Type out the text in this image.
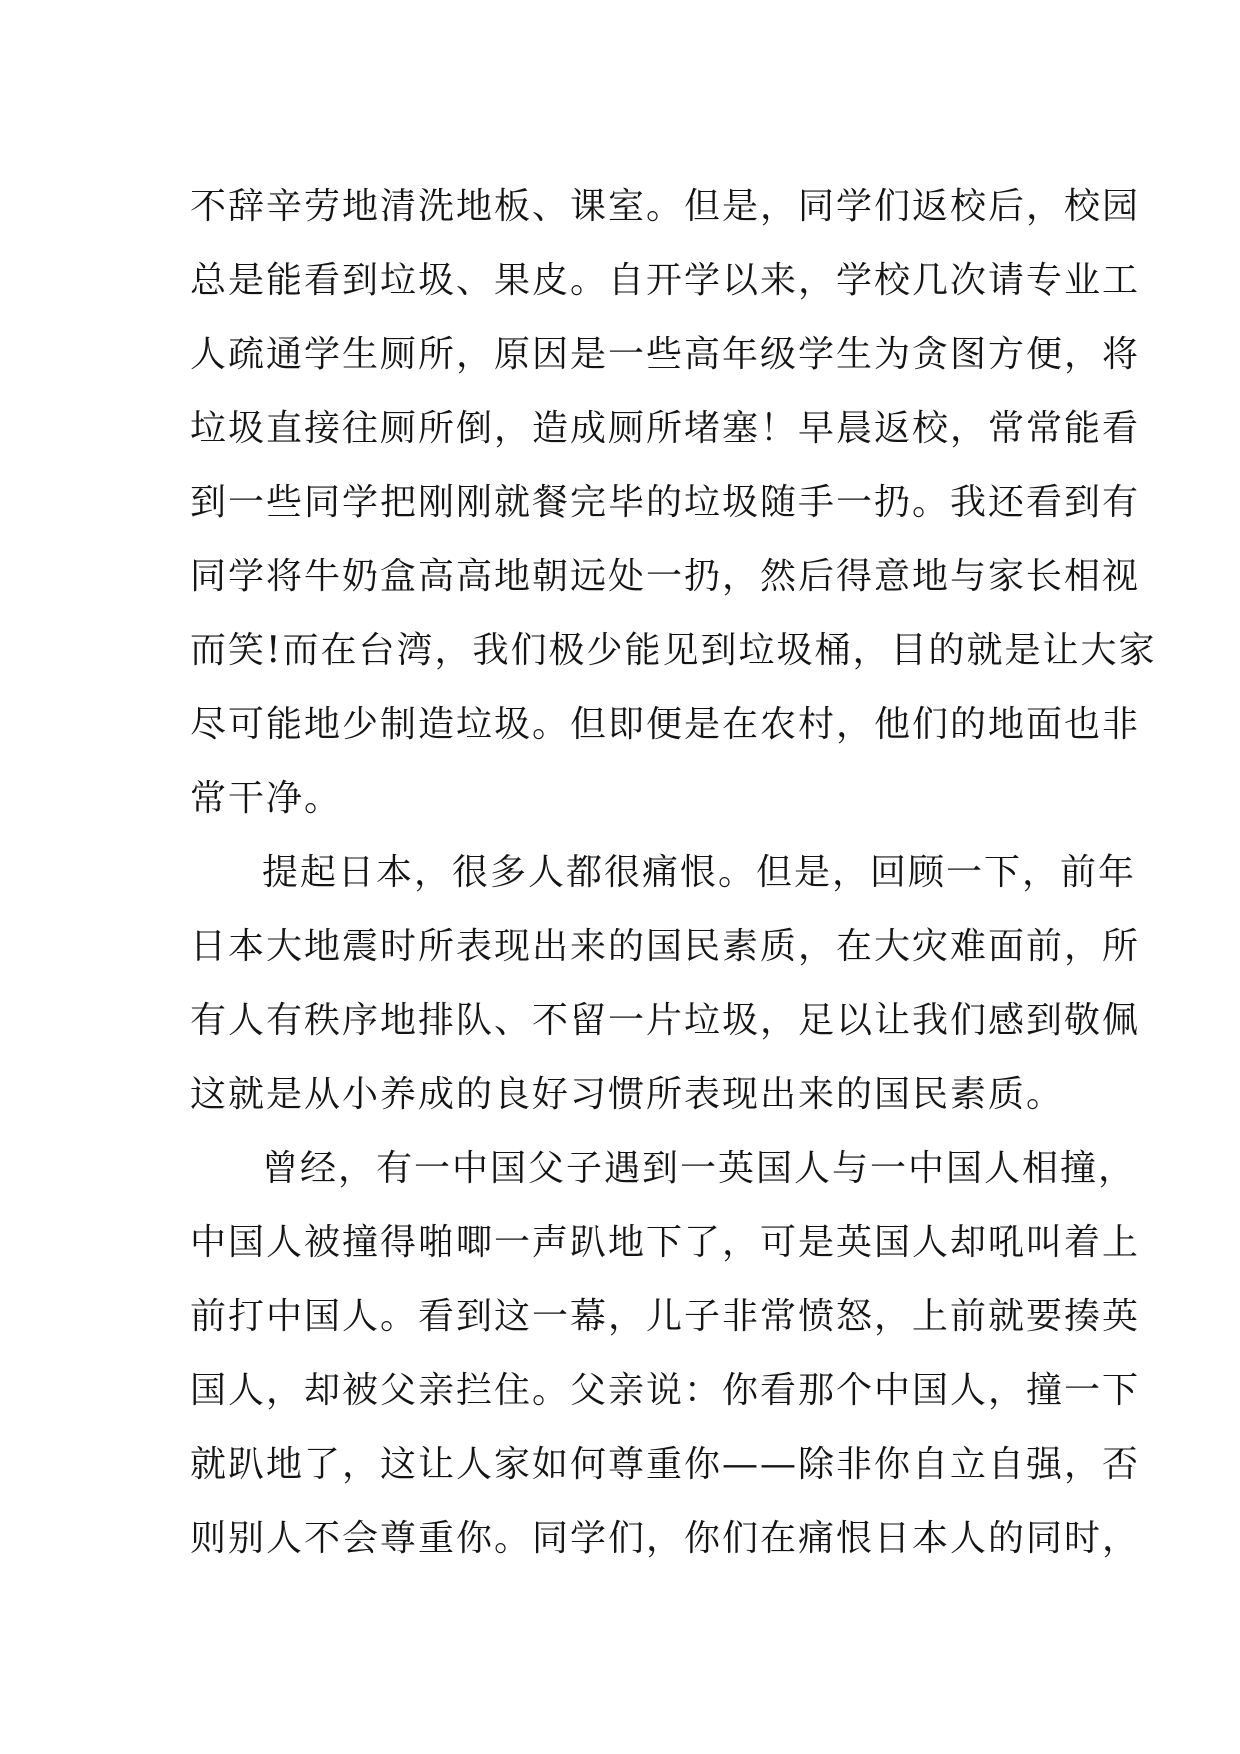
不辞辛劳地清洗地板、课室。但是，同学们返校后，校园
总是能看到垃圾、果皮。自开学以来，学校几次请专业工
人疏通学生厕所，原因是一些高年级学生为贪图方便，将
垃圾直接往厕所倒，造成厕所堵塞！早晨返校，常常能看
到一些同学把刚刚就餐完毕的垃圾随手一扔。我还看到有
同学将牛奶盒高高地朝远处一扔，然后得意地与家长相视
而笑!而在台湾，我们极少能见到垃圾桶，目的就是让大家
尽可能地少制造垃圾。但即便是在农村，他们的地面也非
常干净。
提起日本，很多人都很痛恨。但是，回顾一下，前年
日本大地震时所表现出来的国民素质，在大灾难面前，所
有人有秩序地排队、不留一片垃圾，足以让我们感到敬佩
这就是从小养成的良好习惯所表现出来的国民素质。
曾经，有一中国父子遇到一英国人与一中国人相撞，
中国人被撞得啪唧一声趴地下了，可是英国人却吼叫着上
前打中国人。看到这一幕，儿子非常愤怒，上前就要揍英
国人，却被父亲拦住。父亲说：你看那个中国人，撞一下
就趴地了，这让人家如何尊重你——除非你自立自强，否
则别人不会尊重你。同学们，你们在痛恨日本人的同时，
